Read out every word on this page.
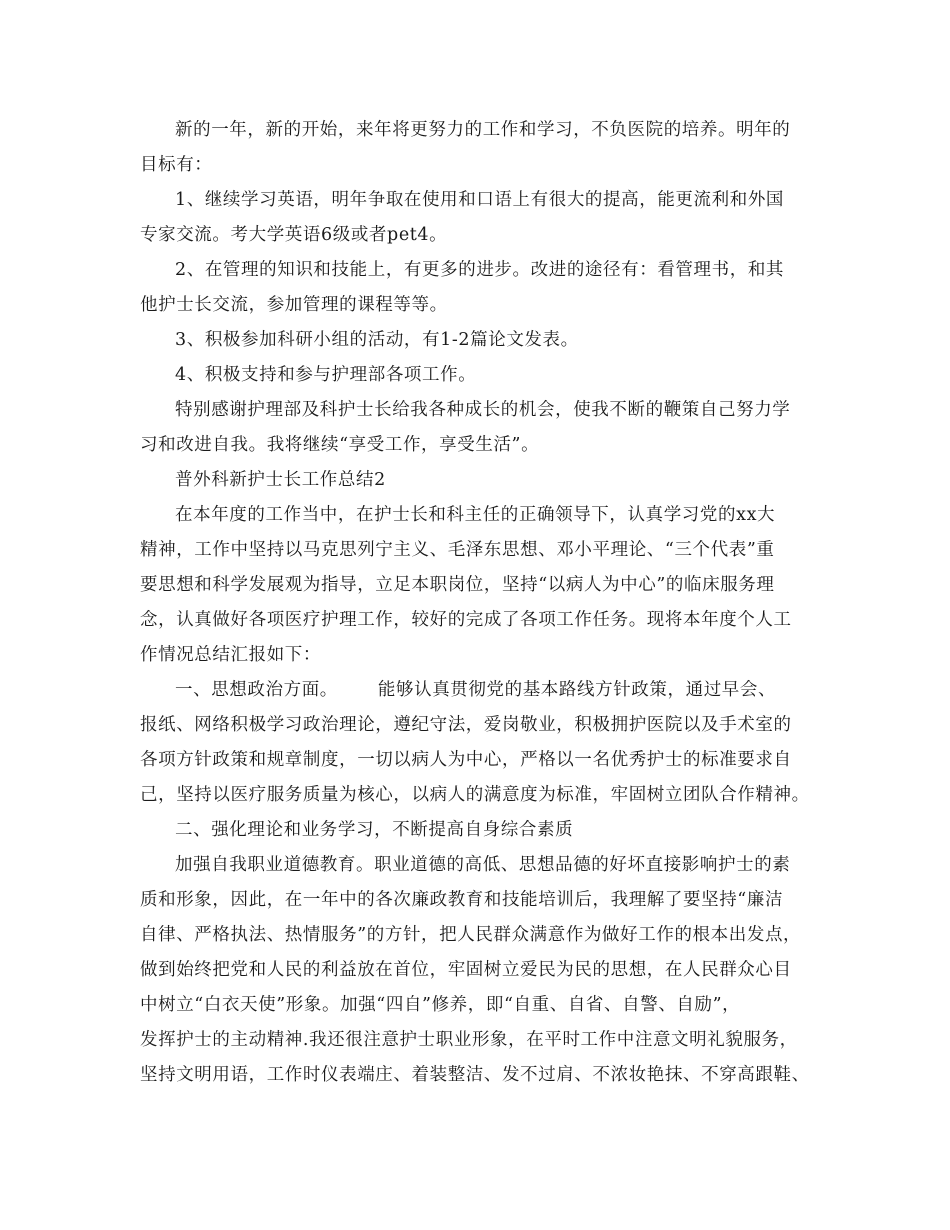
新的一年，新的开始，来年将更努力的工作和学习，不负医院的培养。明年的
目标有：
1、继续学习英语，明年争取在使用和口语上有很大的提高，能更流利和外国
专家交流。考大学英语6级或者pet4。
2、在管理的知识和技能上，有更多的进步。改进的途径有：看管理书，和其
他护士长交流，参加管理的课程等等。
3、积极参加科研小组的活动，有1-2篇论文发表。
4、积极支持和参与护理部各项工作。
特别感谢护理部及科护士长给我各种成长的机会，使我不断的鞭策自己努力学
习和改进自我。我将继续“享受工作，享受生活”。
普外科新护士长工作总结2
在本年度的工作当中，在护士长和科主任的正确领导下，认真学习党的xx大
精神，工作中坚持以马克思列宁主义、毛泽东思想、邓小平理论、“三个代表”重
要思想和科学发展观为指导，立足本职岗位，坚持“以病人为中心”的临床服务理
念，认真做好各项医疗护理工作，较好的完成了各项工作任务。现将本年度个人工
作情况总结汇报如下：
一、思想政治方面。 能够认真贯彻党的基本路线方针政策，通过早会、
报纸、网络积极学习政治理论，遵纪守法，爱岗敬业，积极拥护医院以及手术室的
各项方针政策和规章制度，一切以病人为中心，严格以一名优秀护士的标准要求自
己，坚持以医疗服务质量为核心，以病人的满意度为标准，牢固树立团队合作精神。
二、强化理论和业务学习，不断提高自身综合素质
加强自我职业道德教育。职业道德的高低、思想品德的好坏直接影响护士的素
质和形象，因此，在一年中的各次廉政教育和技能培训后，我理解了要坚持“廉洁
自律、严格执法、热情服务”的方针，把人民群众满意作为做好工作的根本出发点，
做到始终把党和人民的利益放在首位，牢固树立爱民为民的思想，在人民群众心目
中树立“白衣天使”形象。加强“四自”修养，即“自重、自省、自警、自励”，
发挥护士的主动精神.我还很注意护士职业形象，在平时工作中注意文明礼貌服务，
坚持文明用语，工作时仪表端庄、着装整洁、发不过肩、不浓妆艳抹、不穿高跟鞋、
